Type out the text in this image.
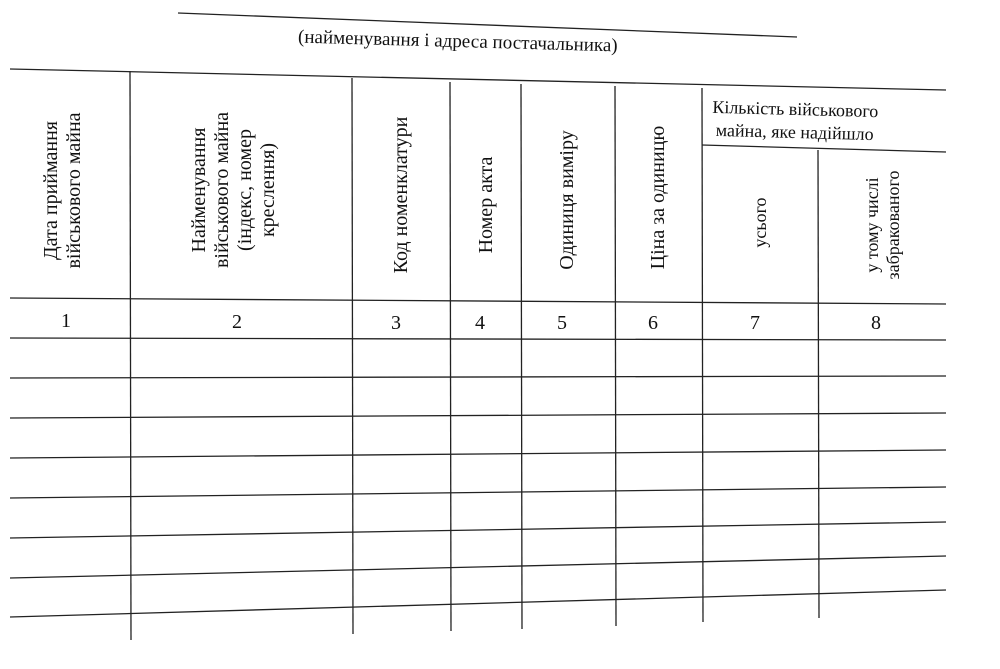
(найменування і адреса постачальника)
Дата приймання військового майна	Найменування військового майна (індекс, номер креслення)	Код номенклатури	Номер акта	Одиниця виміру	Ціна за одиницю
Кількість військового
майна, яке надійшло
усього	у тому числі забракованого
1	2	3	4	5	6	7	8
